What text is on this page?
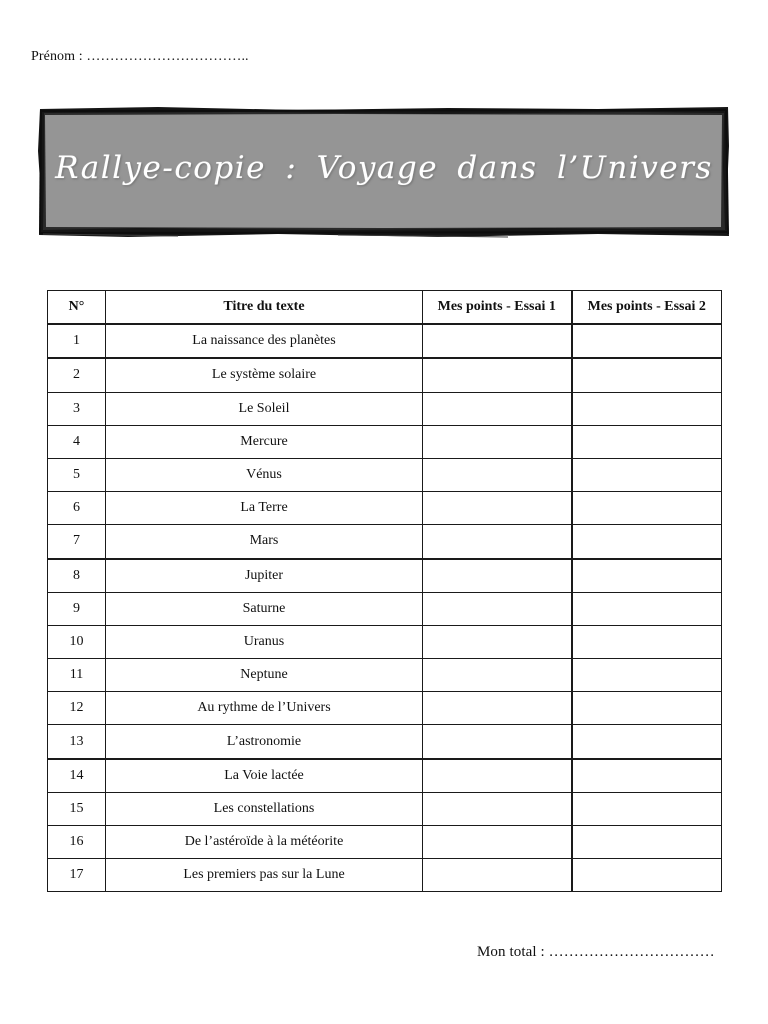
Prénom : ……………………………..
Rallye-copie : Voyage dans l’Univers
N°	Titre du texte	Mes points - Essai 1	Mes points - Essai 2
1	La naissance des planètes		
2	Le système solaire		
3	Le Soleil		
4	Mercure		
5	Vénus		
6	La Terre		
7	Mars		
8	Jupiter		
9	Saturne		
10	Uranus		
11	Neptune		
12	Au rythme de l’Univers		
13	L’astronomie		
14	La Voie lactée		
15	Les constellations		
16	De l’astéroïde à la météorite		
17	Les premiers pas sur la Lune		
Mon total : ……………………………
